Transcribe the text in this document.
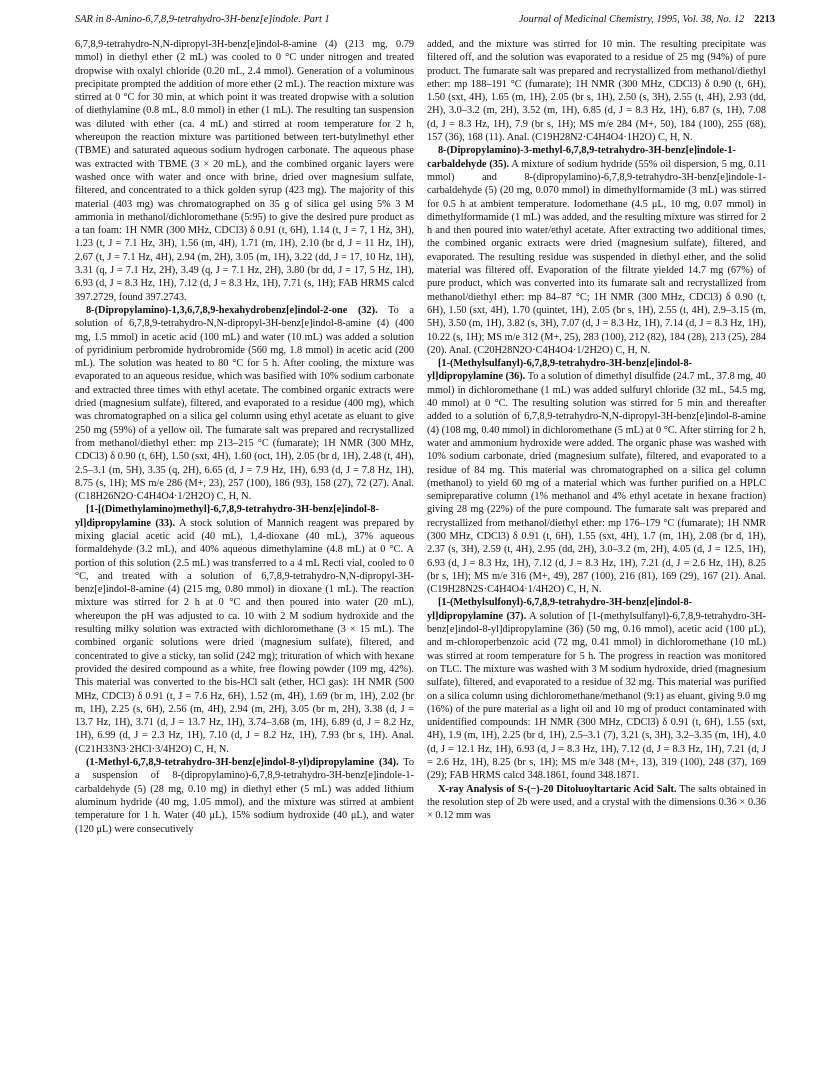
SAR in 8-Amino-6,7,8,9-tetrahydro-3H-benz[e]indole. Part 1	Journal of Medicinal Chemistry, 1995, Vol. 38, No. 12 2213

6,7,8,9-tetrahydro-N,N-dipropyl-3H-benz[e]indol-8-amine (4) (213 mg, 0.79 mmol) in diethyl ether (2 mL) was cooled to 0 °C under nitrogen and treated dropwise with oxalyl chloride (0.20 mL, 2.4 mmol). Generation of a voluminous precipitate prompted the addition of more ether (2 mL). The reaction mixture was stirred at 0 °C for 30 min, at which point it was treated dropwise with a solution of diethylamine (0.8 mL, 8.0 mmol) in ether (1 mL). The resulting tan suspension was diluted with ether (ca. 4 mL) and stirred at room temperature for 2 h, whereupon the reaction mixture was partitioned between tert-butylmethyl ether (TBME) and saturated aqueous sodium hydrogen carbonate. The aqueous phase was extracted with TBME (3 × 20 mL), and the combined organic layers were washed once with water and once with brine, dried over magnesium sulfate, filtered, and concentrated to a thick golden syrup (423 mg). The majority of this material (403 mg) was chromatographed on 35 g of silica gel using 5% 3 M ammonia in methanol/dichloromethane (5:95) to give the desired pure product as a tan foam: 1H NMR (300 MHz, CDCl3) δ 0.91 (t, 6H), 1.14 (t, J = 7, 1 Hz, 3H), 1.23 (t, J = 7.1 Hz, 3H), 1.56 (m, 4H), 1.71 (m, 1H), 2.10 (br d, J = 11 Hz, 1H), 2.67 (t, J = 7.1 Hz, 4H), 2.94 (m, 2H), 3.05 (m, 1H), 3.22 (dd, J = 17, 10 Hz, 1H), 3.31 (q, J = 7.1 Hz, 2H), 3.49 (q, J = 7.1 Hz, 2H), 3.80 (br dd, J = 17, 5 Hz, 1H), 6.93 (d, J = 8.3 Hz, 1H), 7.12 (d, J = 8.3 Hz, 1H), 7.71 (s, 1H); FAB HRMS calcd 397.2729, found 397.2743.

8-(Dipropylamino)-1,3,6,7,8,9-hexahydrobenz[e]indol-2-one (32). To a solution of 6,7,8,9-tetrahydro-N,N-dipropyl-3H-benz[e]indol-8-amine (4) (400 mg, 1.5 mmol) in acetic acid (100 mL) and water (10 mL) was added a solution of pyridinium perbromide hydrobromide (560 mg, 1.8 mmol) in acetic acid (200 mL). The solution was heated to 80 °C for 5 h. After cooling, the mixture was evaporated to an aqueous residue, which was basified with 10% sodium carbonate and extracted three times with ethyl acetate. The combined organic extracts were dried (magnesium sulfate), filtered, and evaporated to a residue (400 mg), which was chromatographed on a silica gel column using ethyl acetate as eluant to give 250 mg (59%) of a yellow oil. The fumarate salt was prepared and recrystallized from methanol/diethyl ether: mp 213–215 °C (fumarate); 1H NMR (300 MHz, CDCl3) δ 0.90 (t, 6H), 1.50 (sxt, 4H), 1.60 (oct, 1H), 2.05 (br d, 1H), 2.48 (t, 4H), 2.5–3.1 (m, 5H), 3.35 (q, 2H), 6.65 (d, J = 7.9 Hz, 1H), 6.93 (d, J = 7.8 Hz, 1H), 8.75 (s, 1H); MS m/e 286 (M+, 23), 257 (100), 186 (93), 158 (27), 72 (27). Anal. (C18H26N2O·C4H4O4·1/2H2O) C, H, N.

[1-[(Dimethylamino)methyl]-6,7,8,9-tetrahydro-3H-benz[e]indol-8-yl]dipropylamine (33). A stock solution of Mannich reagent was prepared by mixing glacial acetic acid (40 mL), 1,4-dioxane (40 mL), 37% aqueous formaldehyde (3.2 mL), and 40% aqueous dimethylamine (4.8 mL) at 0 °C. A portion of this solution (2.5 mL) was transferred to a 4 mL Recti vial, cooled to 0 °C, and treated with a solution of 6,7,8,9-tetrahydro-N,N-dipropyl-3H-benz[e]indol-8-amine (4) (215 mg, 0.80 mmol) in dioxane (1 mL). The reaction mixture was stirred for 2 h at 0 °C and then poured into water (20 mL), whereupon the pH was adjusted to ca. 10 with 2 M sodium hydroxide and the resulting milky solution was extracted with dichloromethane (3 × 15 mL). The combined organic solutions were dried (magnesium sulfate), filtered, and concentrated to give a sticky, tan solid (242 mg); trituration of which with hexane provided the desired compound as a white, free flowing powder (109 mg, 42%). This material was converted to the bis-HCl salt (ether, HCl gas): 1H NMR (500 MHz, CDCl3) δ 0.91 (t, J = 7.6 Hz, 6H), 1.52 (m, 4H), 1.69 (br m, 1H), 2.02 (br m, 1H), 2.25 (s, 6H), 2.56 (m, 4H), 2.94 (m, 2H), 3.05 (br m, 2H), 3.38 (d, J = 13.7 Hz, 1H), 3.71 (d, J = 13.7 Hz, 1H), 3.74–3.68 (m, 1H), 6.89 (d, J = 8.2 Hz, 1H), 6.99 (d, J = 2.3 Hz, 1H), 7.10 (d, J = 8.2 Hz, 1H), 7.93 (br s, 1H). Anal. (C21H33N3·2HCl·3/4H2O) C, H, N.

(1-Methyl-6,7,8,9-tetrahydro-3H-benz[e]indol-8-yl)dipropylamine (34). To a suspension of 8-(dipropylamino)-6,7,8,9-tetrahydro-3H-benz[e]indole-1-carbaldehyde (5) (28 mg, 0.10 mg) in diethyl ether (5 mL) was added lithium aluminum hydride (40 mg, 1.05 mmol), and the mixture was stirred at ambient temperature for 1 h. Water (40 μL), 15% sodium hydroxide (40 μL), and water (120 μL) were consecutively

added, and the mixture was stirred for 10 min. The resulting precipitate was filtered off, and the solution was evaporated to a residue of 25 mg (94%) of pure product. The fumarate salt was prepared and recrystallized from methanol/diethyl ether: mp 188–191 °C (fumarate); 1H NMR (300 MHz, CDCl3) δ 0.90 (t, 6H), 1.50 (sxt, 4H), 1.65 (m, 1H), 2.05 (br s, 1H), 2.50 (s, 3H), 2.55 (t, 4H), 2.93 (dd, 2H), 3.0–3.2 (m, 2H), 3.52 (m, 1H), 6.85 (d, J = 8.3 Hz, 1H), 6.87 (s, 1H), 7.08 (d, J = 8.3 Hz, 1H), 7.9 (br s, 1H); MS m/e 284 (M+, 50), 184 (100), 255 (68), 157 (36), 168 (11). Anal. (C19H28N2·C4H4O4·1H2O) C, H, N.

8-(Dipropylamino)-3-methyl-6,7,8,9-tetrahydro-3H-benz[e]indole-1-carbaldehyde (35). A mixture of sodium hydride (55% oil dispersion, 5 mg, 0.11 mmol) and 8-(dipropylamino)-6,7,8,9-tetrahydro-3H-benz[e]indole-1-carbaldehyde (5) (20 mg, 0.070 mmol) in dimethylformamide (3 mL) was stirred for 0.5 h at ambient temperature. Iodomethane (4.5 μL, 10 mg, 0.07 mmol) in dimethylformamide (1 mL) was added, and the resulting mixture was stirred for 2 h and then poured into water/ethyl acetate. After extracting two additional times, the combined organic extracts were dried (magnesium sulfate), filtered, and evaporated. The resulting residue was suspended in diethyl ether, and the solid material was filtered off. Evaporation of the filtrate yielded 14.7 mg (67%) of pure product, which was converted into its fumarate salt and recrystallized from methanol/diethyl ether: mp 84–87 °C; 1H NMR (300 MHz, CDCl3) δ 0.90 (t, 6H), 1.50 (sxt, 4H), 1.70 (quintet, 1H), 2.05 (br s, 1H), 2.55 (t, 4H), 2.9–3.15 (m, 5H), 3.50 (m, 1H), 3.82 (s, 3H), 7.07 (d, J = 8.3 Hz, 1H), 7.14 (d, J = 8.3 Hz, 1H), 10.22 (s, 1H); MS m/e 312 (M+, 25), 283 (100), 212 (82), 184 (28), 213 (25), 284 (20). Anal. (C20H28N2O·C4H4O4·1/2H2O) C, H, N.

[1-(Methylsulfanyl)-6,7,8,9-tetrahydro-3H-benz[e]indol-8-yl]dipropylamine (36). To a solution of dimethyl disulfide (24.7 mL, 37.8 mg, 40 mmol) in dichloromethane (1 mL) was added sulfuryl chloride (32 mL, 54.5 mg, 40 mmol) at 0 °C. The resulting solution was stirred for 5 min and thereafter added to a solution of 6,7,8,9-tetrahydro-N,N-dipropyl-3H-benz[e]indol-8-amine (4) (108 mg, 0.40 mmol) in dichloromethane (5 mL) at 0 °C. After stirring for 2 h, water and ammonium hydroxide were added. The organic phase was washed with 10% sodium carbonate, dried (magnesium sulfate), filtered, and evaporated to a residue of 84 mg. This material was chromatographed on a silica gel column (methanol) to yield 60 mg of a material which was further purified on a HPLC semipreparative column (1% methanol and 4% ethyl acetate in hexane fraction) giving 28 mg (22%) of the pure compound. The fumarate salt was prepared and recrystallized from methanol/diethyl ether: mp 176–179 °C (fumarate); 1H NMR (300 MHz, CDCl3) δ 0.91 (t, 6H), 1.55 (sxt, 4H), 1.7 (m, 1H), 2.08 (br d, 1H), 2.37 (s, 3H), 2.59 (t, 4H), 2.95 (dd, 2H), 3.0–3.2 (m, 2H), 4.05 (d, J = 12.5, 1H), 6.93 (d, J = 8.3 Hz, 1H), 7.12 (d, J = 8.3 Hz, 1H), 7.21 (d, J = 2.6 Hz, 1H), 8.25 (br s, 1H); MS m/e 316 (M+, 49), 287 (100), 216 (81), 169 (29), 167 (21). Anal. (C19H28N2S·C4H4O4·1/4H2O) C, H, N.

[1-(Methylsulfonyl)-6,7,8,9-tetrahydro-3H-benz[e]indol-8-yl]dipropylamine (37). A solution of [1-(methylsulfanyl)-6,7,8,9-tetrahydro-3H-benz[e]indol-8-yl]dipropylamine (36) (50 mg, 0.16 mmol), acetic acid (100 μL), and m-chloroperbenzoic acid (72 mg, 0.41 mmol) in dichloromethane (10 mL) was stirred at room temperature for 5 h. The progress in reaction was monitored on TLC. The mixture was washed with 3 M sodium hydroxide, dried (magnesium sulfate), filtered, and evaporated to a residue of 32 mg. This material was purified on a silica column using dichloromethane/methanol (9:1) as eluant, giving 9.0 mg (16%) of the pure material as a light oil and 10 mg of product contaminated with unidentified compounds: 1H NMR (300 MHz, CDCl3) δ 0.91 (t, 6H), 1.55 (sxt, 4H), 1.9 (m, 1H), 2.25 (br d, 1H), 2.5–3.1 (7), 3.21 (s, 3H), 3.2–3.35 (m, 1H), 4.0 (d, J = 12.1 Hz, 1H), 6.93 (d, J = 8.3 Hz, 1H), 7.12 (d, J = 8.3 Hz, 1H), 7.21 (d, J = 2.6 Hz, 1H), 8.25 (br s, 1H); MS m/e 348 (M+, 13), 319 (100), 248 (37), 169 (29); FAB HRMS calcd 348.1861, found 348.1871.

X-ray Analysis of S-(−)-20 Ditoluoyltartaric Acid Salt. The salts obtained in the resolution step of 2b were used, and a crystal with the dimensions 0.36 × 0.36 × 0.12 mm was
